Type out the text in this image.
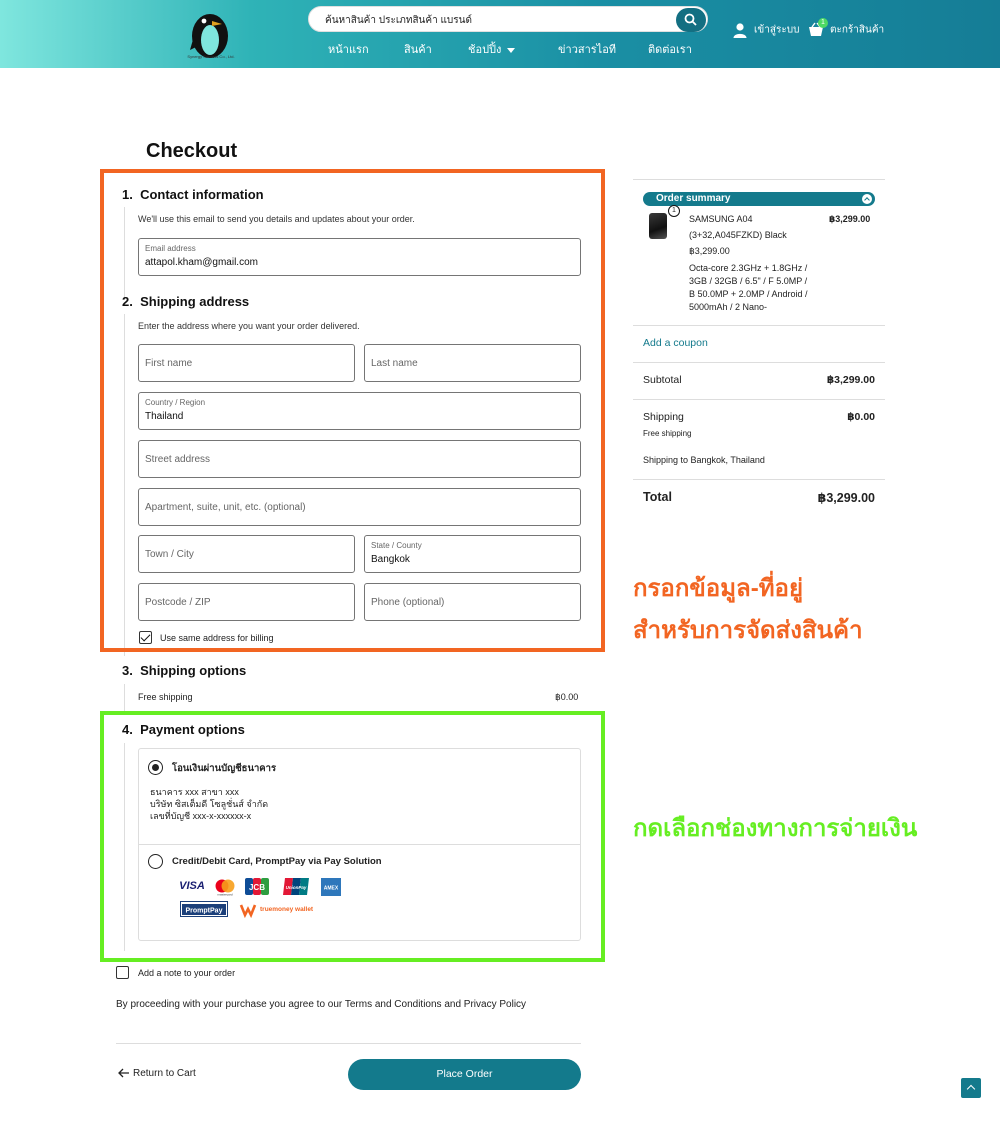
Synergy Success Co., Ltd.
ค้นหาสินค้า ประเภทสินค้า แบรนด์
หน้าแรก	สินค้า	ช้อปปิ้ง	ข่าวสารไอที	ติดต่อเรา
เข้าสู่ระบบ	ตะกร้าสินค้า
1
Checkout
1. Contact information
We'll use this email to send you details and updates about your order.
Email address
attapol.kham@gmail.com
2. Shipping address
Enter the address where you want your order delivered.
First name	Last name
Country / Region
Thailand
Street address
Apartment, suite, unit, etc. (optional)
Town / City
State / County
Bangkok
Postcode / ZIP	Phone (optional)
Use same address for billing
3. Shipping options
Free shipping	฿0.00
4. Payment options
โอนเงินผ่านบัญชีธนาคาร
ธนาคาร xxx สาขา xxx
บริษัท ซิสเต็มดี โซลูชั่นส์ จำกัด
เลขที่บัญชี xxx-x-xxxxxx-x
Credit/Debit Card, PromptPay via Pay Solution
VISA
mastercard
JCB	UnionPay	AMEX
PromptPay	truemoney wallet
Add a note to your order
By proceeding with your purchase you agree to our Terms and Conditions and Privacy Policy
Return to Cart	Place Order
กรอกข้อมูล-ที่อยู่
สำหรับการจัดส่งสินค้า
กดเลือกช่องทางการจ่ายเงิน
Order summary
1
SAMSUNG A04
(3+32,A045FZKD) Black
฿3,299.00
฿3,299.00
Octa-core 2.3GHz + 1.8GHz /
3GB / 32GB / 6.5" / F 5.0MP /
B 50.0MP + 2.0MP / Android /
5000mAh / 2 Nano-
Add a coupon
Subtotal	฿3,299.00
Shipping	฿0.00
Free shipping
Shipping to Bangkok, Thailand
Total	฿3,299.00
